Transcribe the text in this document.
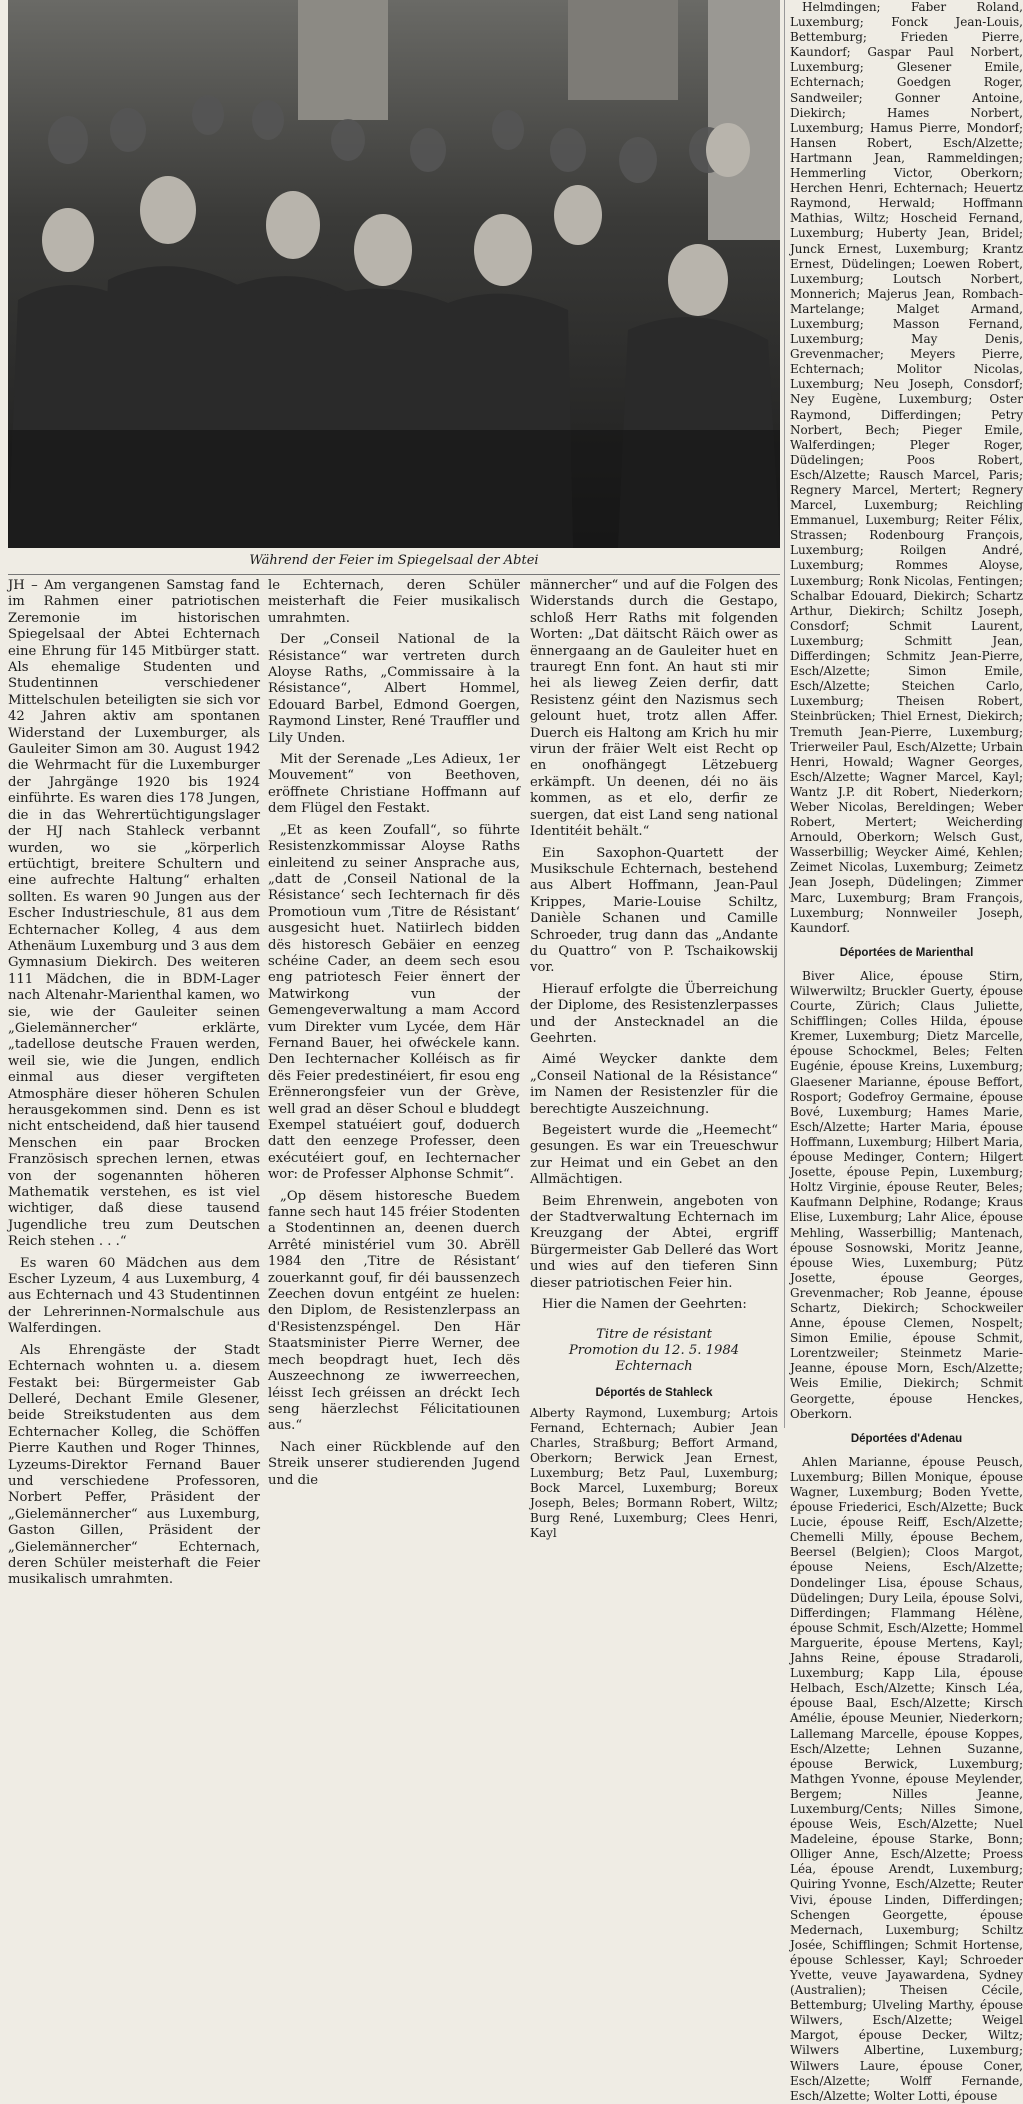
Während der Feier im Spiegelsaal der Abtei

JH – Am vergangenen Samstag fand im Rahmen einer patriotischen Zeremonie im historischen Spiegelsaal der Abtei Echternach eine Ehrung für 145 Mitbürger statt. Als ehemalige Studenten und Studentinnen verschiedener Mittelschulen beteiligten sie sich vor 42 Jahren aktiv am spontanen Widerstand der Luxemburger, als Gauleiter Simon am 30. August 1942 die Wehrmacht für die Luxemburger der Jahrgänge 1920 bis 1924 einführte. Es waren dies 178 Jungen, die in das Wehrertüchtigungslager der HJ nach Stahleck verbannt wurden, wo sie „körperlich ertüchtigt, breitere Schultern und eine aufrechte Haltung“ erhalten sollten. Es waren 90 Jungen aus der Escher Industrieschule, 81 aus dem Echternacher Kolleg, 4 aus dem Athenäum Luxemburg und 3 aus dem Gymnasium Diekirch. Des weiteren 111 Mädchen, die in BDM-Lager nach Altenahr-Marienthal kamen, wo sie, wie der Gauleiter seinen „Gielemännercher“ erklärte, „tadellose deutsche Frauen werden, weil sie, wie die Jungen, endlich einmal aus dieser vergifteten Atmosphäre dieser höheren Schulen herausgekommen sind. Denn es ist nicht entscheidend, daß hier tausend Menschen ein paar Brocken Französisch sprechen lernen, etwas von der sogenannten höheren Mathematik verstehen, es ist viel wichtiger, daß diese tausend Jugendliche treu zum Deutschen Reich stehen . . .“

Es waren 60 Mädchen aus dem Escher Lyzeum, 4 aus Luxemburg, 4 aus Echternach und 43 Studentinnen der Lehrerinnen-Normalschule aus Walferdingen.

Als Ehrengäste der Stadt Echternach wohnten u. a. diesem Festakt bei: Bürgermeister Gab Delleré, Dechant Emile Glesener, beide Streikstudenten aus dem Echternacher Kolleg, die Schöffen Pierre Kauthen und Roger Thinnes, Lyzeums-Direktor Fernand Bauer und verschiedene Professoren, Norbert Peffer, Präsident der „Gielemännercher“ aus Luxemburg, Gaston Gillen, Präsident der „Gielemännercher“ Echternach, deren Schüler meisterhaft die Feier musikalisch umrahmten.

le Echternach, deren Schüler meisterhaft die Feier musikalisch umrahmten.

Der „Conseil National de la Résistance“ war vertreten durch Aloyse Raths, „Commissaire à la Résistance“, Albert Hommel, Edouard Barbel, Edmond Goergen, Raymond Linster, René Trauffler und Lily Unden.

Mit der Serenade „Les Adieux, 1er Mouvement“ von Beethoven, eröffnete Christiane Hoffmann auf dem Flügel den Festakt.

„Et as keen Zoufall“, so führte Resistenzkommissar Aloyse Raths einleitend zu seiner Ansprache aus, „datt de ‚Conseil National de la Résistance‘ sech Iechternach fir dës Promotioun vum ‚Titre de Résistant‘ ausgesicht huet. Natiirlech bidden dës historesch Gebäier en eenzeg schéine Cader, an deem sech esou eng patriotesch Feier ënnert der Matwirkong vun der Gemengeverwaltung a mam Accord vum Direkter vum Lycée, dem Här Fernand Bauer, hei ofwéckele kann. Den Iechternacher Kolléisch as fir dës Feier predestinéiert, fir esou eng Erënnerongsfeier vun der Grève, well grad an dëser Schoul e bluddegt Exempel statuéiert gouf, doduerch datt den eenzege Professer, deen exécutéiert gouf, en Iechternacher wor: de Professer Alphonse Schmit“.

„Op dësem historesche Buedem fanne sech haut 145 fréier Stodenten a Stodentinnen an, deenen duerch Arrêté ministériel vum 30. Abrëll 1984 den ‚Titre de Résistant‘ zouerkannt gouf, fir déi baussenzech Zeechen dovun entgéint ze huelen: den Diplom, de Resistenzlerpass an d'Resistenzspéngel. Den Här Staatsminister Pierre Werner, dee mech beopdragt huet, Iech dës Auszeechnong ze iwwerreechen, léisst Iech gréissen an dréckt Iech seng häerzlechst Félicitatiounen aus.“

Nach einer Rückblende auf den Streik unserer studierenden Jugend und die

männercher“ und auf die Folgen des Widerstands durch die Gestapo, schloß Herr Raths mit folgenden Worten: „Dat däitscht Räich ower as ënnergaang an de Gauleiter huet en trauregt Enn font. An haut sti mir hei als lieweg Zeien derfir, datt Resistenz géint den Nazismus sech gelount huet, trotz allen Affer. Duerch eis Haltong am Krich hu mir virun der fräier Welt eist Recht op en onofhängegt Lëtzebuerg erkämpft. Un deenen, déi no äis kommen, as et elo, derfir ze suergen, dat eist Land seng national Identitéit behält.“

Ein Saxophon-Quartett der Musikschule Echternach, bestehend aus Albert Hoffmann, Jean-Paul Krippes, Marie-Louise Schiltz, Danièle Schanen und Camille Schroeder, trug dann das „Andante du Quattro“ von P. Tschaikowskij vor.

Hierauf erfolgte die Überreichung der Diplome, des Resistenzlerpasses und der Anstecknadel an die Geehrten.

Aimé Weycker dankte dem „Conseil National de la Résistance“ im Namen der Resistenzler für die berechtigte Auszeichnung.

Begeistert wurde die „Heemecht“ gesungen. Es war ein Treueschwur zur Heimat und ein Gebet an den Allmächtigen.

Beim Ehrenwein, angeboten von der Stadtverwaltung Echternach im Kreuzgang der Abtei, ergriff Bürgermeister Gab Delleré das Wort und wies auf den tieferen Sinn dieser patriotischen Feier hin.

Hier die Namen der Geehrten:

Titre de résistant
Promotion du 12. 5. 1984
Echternach
Déportés de Stahleck

Alberty Raymond, Luxemburg; Artois Fernand, Echternach; Aubier Jean Charles, Straßburg; Beffort Armand, Oberkorn; Berwick Jean Ernest, Luxemburg; Betz Paul, Luxemburg; Bock Marcel, Luxemburg; Boreux Joseph, Beles; Bormann Robert, Wiltz; Burg René, Luxemburg; Clees Henri, Kayl

Helmdingen; Faber Roland, Luxemburg; Fonck Jean-Louis, Bettemburg; Frieden Pierre, Kaundorf; Gaspar Paul Norbert, Luxemburg; Glesener Emile, Echternach; Goedgen Roger, Sandweiler; Gonner Antoine, Diekirch; Hames Norbert, Luxemburg; Hamus Pierre, Mondorf; Hansen Robert, Esch/Alzette; Hartmann Jean, Rammeldingen; Hemmerling Victor, Oberkorn; Herchen Henri, Echternach; Heuertz Raymond, Herwald; Hoffmann Mathias, Wiltz; Hoscheid Fernand, Luxemburg; Huberty Jean, Bridel; Junck Ernest, Luxemburg; Krantz Ernest, Düdelingen; Loewen Robert, Luxemburg; Loutsch Norbert, Monnerich; Majerus Jean, Rombach-Martelange; Malget Armand, Luxemburg; Masson Fernand, Luxemburg; May Denis, Grevenmacher; Meyers Pierre, Echternach; Molitor Nicolas, Luxemburg; Neu Joseph, Consdorf; Ney Eugène, Luxemburg; Oster Raymond, Differdingen; Petry Norbert, Bech; Pieger Emile, Walferdingen; Pleger Roger, Düdelingen; Poos Robert, Esch/Alzette; Rausch Marcel, Paris; Regnery Marcel, Mertert; Regnery Marcel, Luxemburg; Reichling Emmanuel, Luxemburg; Reiter Félix, Strassen; Rodenbourg François, Luxemburg; Roilgen André, Luxemburg; Rommes Aloyse, Luxemburg; Ronk Nicolas, Fentingen; Schalbar Edouard, Diekirch; Schartz Arthur, Diekirch; Schiltz Joseph, Consdorf; Schmit Laurent, Luxemburg; Schmitt Jean, Differdingen; Schmitz Jean-Pierre, Esch/Alzette; Simon Emile, Esch/Alzette; Steichen Carlo, Luxemburg; Theisen Robert, Steinbrücken; Thiel Ernest, Diekirch; Tremuth Jean-Pierre, Luxemburg; Trierweiler Paul, Esch/Alzette; Urbain Henri, Howald; Wagner Georges, Esch/Alzette; Wagner Marcel, Kayl; Wantz J.P. dit Robert, Niederkorn; Weber Nicolas, Bereldingen; Weber Robert, Mertert; Weicherding Arnould, Oberkorn; Welsch Gust, Wasserbillig; Weycker Aimé, Kehlen; Zeimet Nicolas, Luxemburg; Zeimetz Jean Joseph, Düdelingen; Zimmer Marc, Luxemburg; Bram François, Luxemburg; Nonnweiler Joseph, Kaundorf.

Déportées de Marienthal

Biver Alice, épouse Stirn, Wilwerwiltz; Bruckler Guerty, épouse Courte, Zürich; Claus Juliette, Schifflingen; Colles Hilda, épouse Kremer, Luxemburg; Dietz Marcelle, épouse Schockmel, Beles; Felten Eugénie, épouse Kreins, Luxemburg; Glaesener Marianne, épouse Beffort, Rosport; Godefroy Germaine, épouse Bové, Luxemburg; Hames Marie, Esch/Alzette; Harter Maria, épouse Hoffmann, Luxemburg; Hilbert Maria, épouse Medinger, Contern; Hilgert Josette, épouse Pepin, Luxemburg; Holtz Virginie, épouse Reuter, Beles; Kaufmann Delphine, Rodange; Kraus Elise, Luxemburg; Lahr Alice, épouse Mehling, Wasserbillig; Mantenach, épouse Sosnowski, Moritz Jeanne, épouse Wies, Luxemburg; Pütz Josette, épouse Georges, Grevenmacher; Rob Jeanne, épouse Schartz, Diekirch; Schockweiler Anne, épouse Clemen, Nospelt; Simon Emilie, épouse Schmit, Lorentzweiler; Steinmetz Marie-Jeanne, épouse Morn, Esch/Alzette; Weis Emilie, Diekirch; Schmit Georgette, épouse Henckes, Oberkorn.

Déportées d'Adenau

Ahlen Marianne, épouse Peusch, Luxemburg; Billen Monique, épouse Wagner, Luxemburg; Boden Yvette, épouse Friederici, Esch/Alzette; Buck Lucie, épouse Reiff, Esch/Alzette; Chemelli Milly, épouse Bechem, Beersel (Belgien); Cloos Margot, épouse Neiens, Esch/Alzette; Dondelinger Lisa, épouse Schaus, Düdelingen; Dury Leila, épouse Solvi, Differdingen; Flammang Hélène, épouse Schmit, Esch/Alzette; Hommel Marguerite, épouse Mertens, Kayl; Jahns Reine, épouse Stradaroli, Luxemburg; Kapp Lila, épouse Helbach, Esch/Alzette; Kinsch Léa, épouse Baal, Esch/Alzette; Kirsch Amélie, épouse Meunier, Niederkorn; Lallemang Marcelle, épouse Koppes, Esch/Alzette; Lehnen Suzanne, épouse Berwick, Luxemburg; Mathgen Yvonne, épouse Meylender, Bergem; Nilles Jeanne, Luxemburg/Cents; Nilles Simone, épouse Weis, Esch/Alzette; Nuel Madeleine, épouse Starke, Bonn; Olliger Anne, Esch/Alzette; Proess Léa, épouse Arendt, Luxemburg; Quiring Yvonne, Esch/Alzette; Reuter Vivi, épouse Linden, Differdingen; Schengen Georgette, épouse Medernach, Luxemburg; Schiltz Josée, Schifflingen; Schmit Hortense, épouse Schlesser, Kayl; Schroeder Yvette, veuve Jayawardena, Sydney (Australien); Theisen Cécile, Bettemburg; Ulveling Marthy, épouse Wilwers, Esch/Alzette; Weigel Margot, épouse Decker, Wiltz; Wilwers Albertine, Luxemburg; Wilwers Laure, épouse Coner, Esch/Alzette; Wolff Fernande, Esch/Alzette; Wolter Lotti, épouse
